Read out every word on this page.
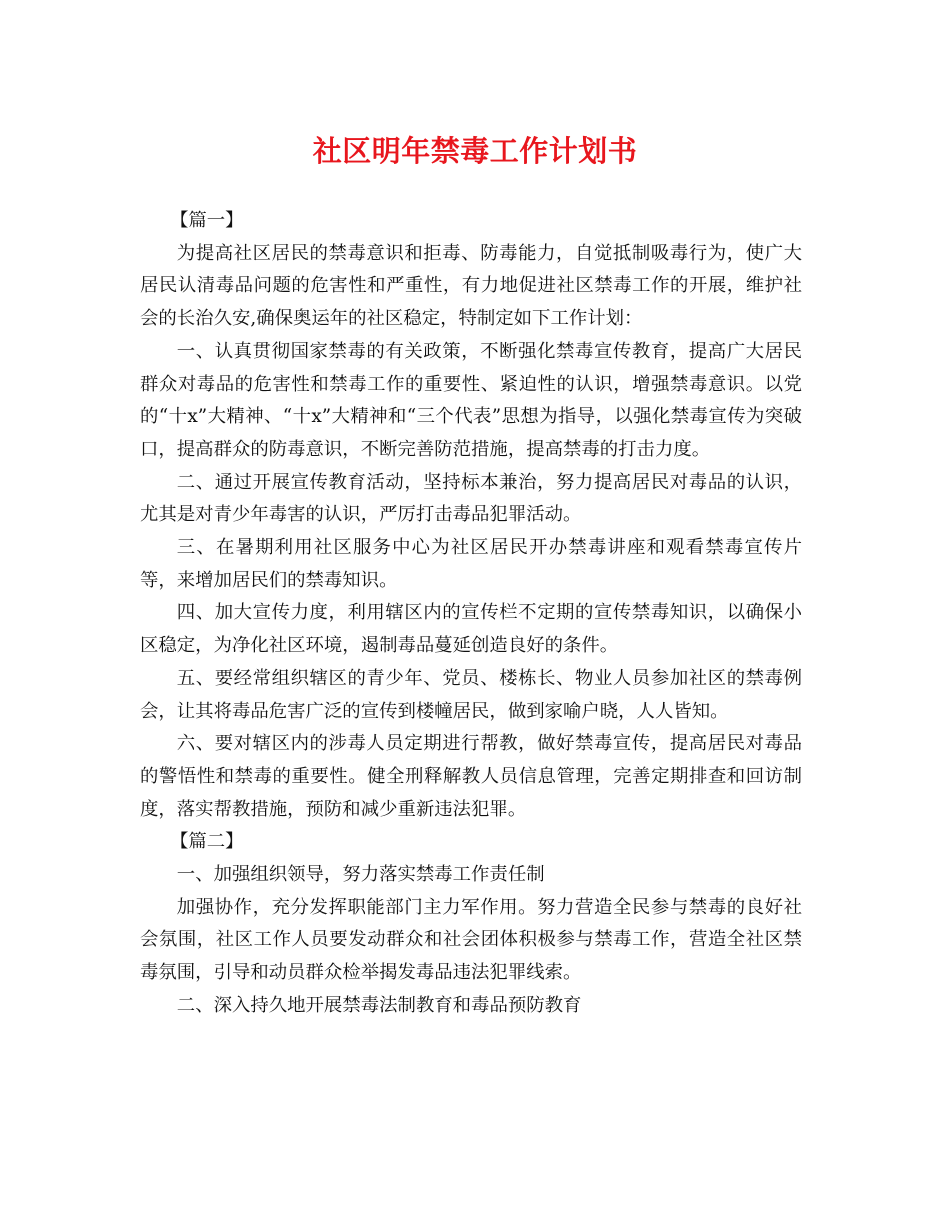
社区明年禁毒工作计划书

【篇一】

为提高社区居民的禁毒意识和拒毒、防毒能力，自觉抵制吸毒行为，使广大居民认清毒品问题的危害性和严重性，有力地促进社区禁毒工作的开展，维护社会的长治久安,确保奥运年的社区稳定，特制定如下工作计划：

一、认真贯彻国家禁毒的有关政策，不断强化禁毒宣传教育，提高广大居民群众对毒品的危害性和禁毒工作的重要性、紧迫性的认识，增强禁毒意识。以党的“十x”大精神、“十x”大精神和“三个代表”思想为指导，以强化禁毒宣传为突破口，提高群众的防毒意识，不断完善防范措施，提高禁毒的打击力度。

二、通过开展宣传教育活动，坚持标本兼治，努力提高居民对毒品的认识，尤其是对青少年毒害的认识，严厉打击毒品犯罪活动。

三、在暑期利用社区服务中心为社区居民开办禁毒讲座和观看禁毒宣传片等，来增加居民们的禁毒知识。

四、加大宣传力度，利用辖区内的宣传栏不定期的宣传禁毒知识，以确保小区稳定，为净化社区环境，遏制毒品蔓延创造良好的条件。

五、要经常组织辖区的青少年、党员、楼栋长、物业人员参加社区的禁毒例会，让其将毒品危害广泛的宣传到楼幢居民，做到家喻户晓，人人皆知。

六、要对辖区内的涉毒人员定期进行帮教，做好禁毒宣传，提高居民对毒品的警悟性和禁毒的重要性。健全刑释解教人员信息管理，完善定期排查和回访制度，落实帮教措施，预防和减少重新违法犯罪。

【篇二】

一、加强组织领导，努力落实禁毒工作责任制

加强协作，充分发挥职能部门主力军作用。努力营造全民参与禁毒的良好社会氛围，社区工作人员要发动群众和社会团体积极参与禁毒工作，营造全社区禁毒氛围，引导和动员群众检举揭发毒品违法犯罪线索。

二、深入持久地开展禁毒法制教育和毒品预防教育
